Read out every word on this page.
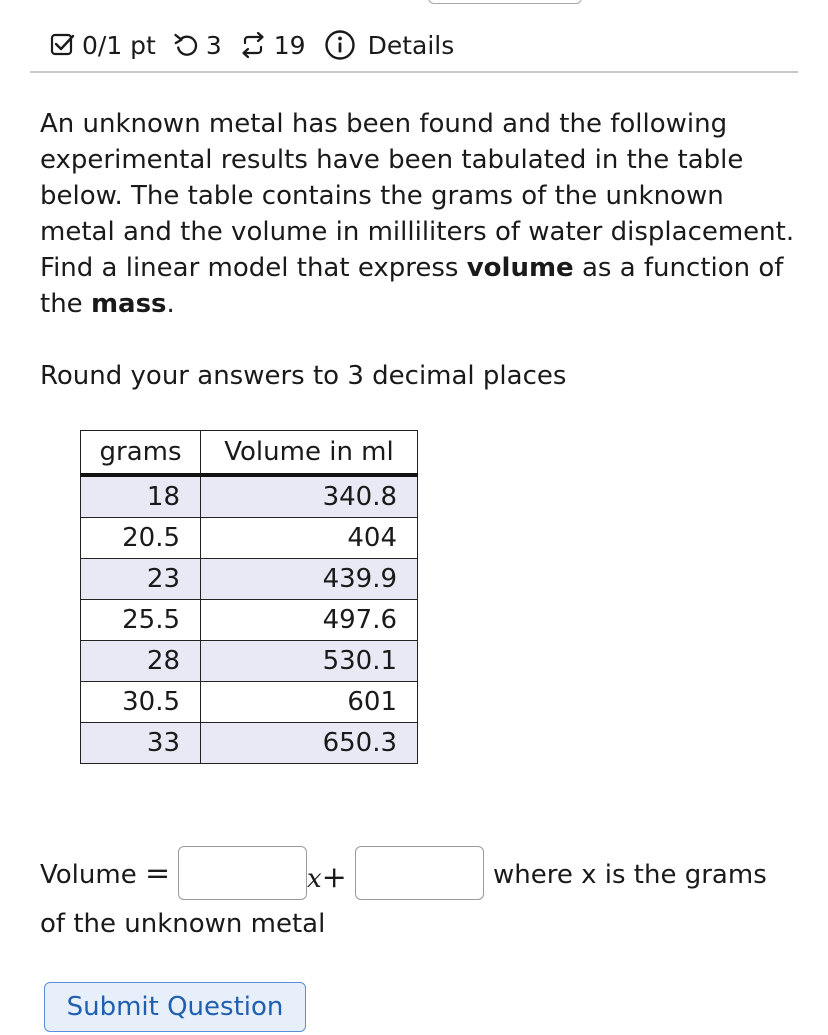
0/1 pt 3 19 Details
An unknown metal has been found and the following experimental results have been tabulated in the table below. The table contains the grams of the unknown metal and the volume in milliliters of water displacement. Find a linear model that express volume as a function of the mass.
Round your answers to 3 decimal places
grams	Volume in ml
18	340.8
20.5	404
23	439.9
25.5	497.6
28	530.1
30.5	601
33	650.3
Volume =	x+	where x is the grams
of the unknown metal
Submit Question
